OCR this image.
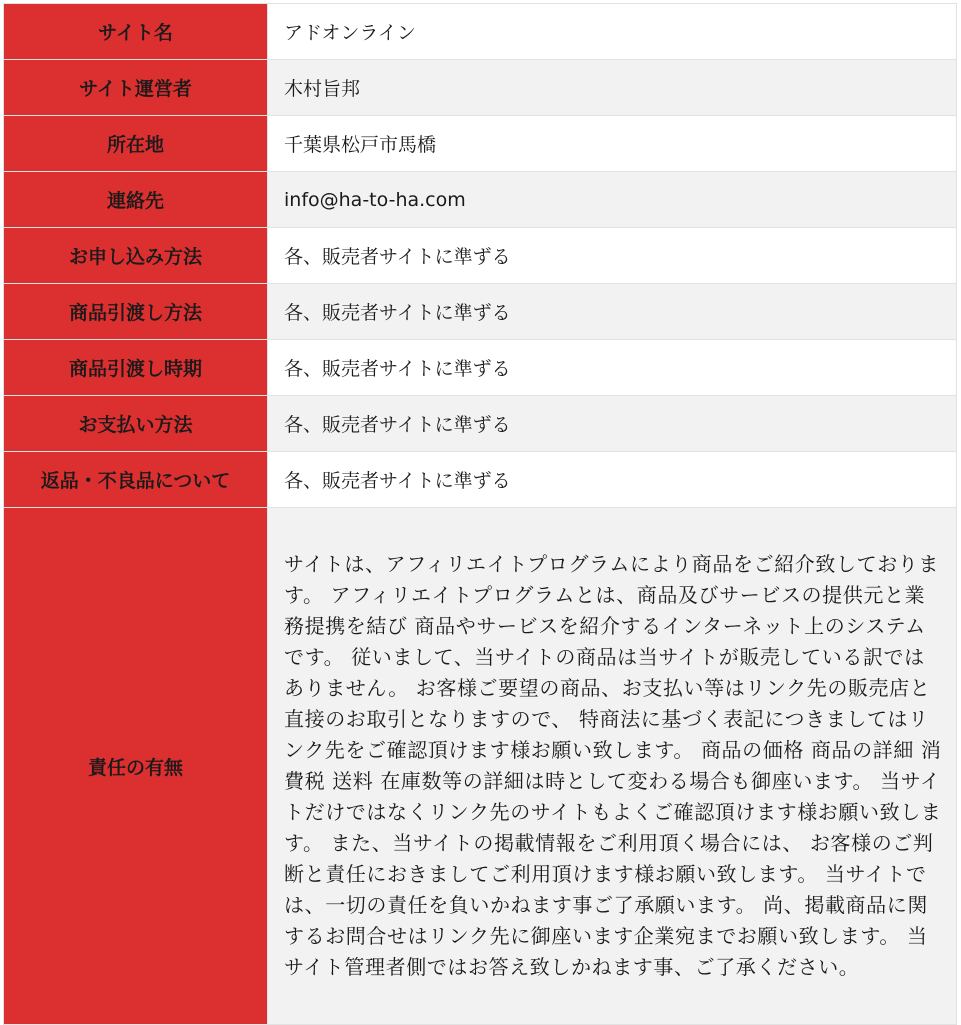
サイト名	アドオンライン
サイト運営者	木村旨邦
所在地	千葉県松戸市馬橋
連絡先	info@ha-to-ha.com
お申し込み方法	各、販売者サイトに準ずる
商品引渡し方法	各、販売者サイトに準ずる
商品引渡し時期	各、販売者サイトに準ずる
お支払い方法	各、販売者サイトに準ずる
返品・不良品について	各、販売者サイトに準ずる
責任の有無	サイトは、アフィリエイトプログラムにより商品をご紹介致しております。 アフィリエイトプログラムとは、商品及びサービスの提供元と業務提携を結び 商品やサービスを紹介するインターネット上のシステムです。 従いまして、当サイトの商品は当サイトが販売している訳ではありません。 お客様ご要望の商品、お支払い等はリンク先の販売店と直接のお取引となりますので、 特商法に基づく表記につきましてはリンク先をご確認頂けます様お願い致します。 商品の価格 商品の詳細 消費税 送料 在庫数等の詳細は時として変わる場合も御座います。 当サイトだけではなくリンク先のサイトもよくご確認頂けます様お願い致します。 また、当サイトの掲載情報をご利用頂く場合には、 お客様のご判断と責任におきましてご利用頂けます様お願い致します。 当サイトでは、一切の責任を負いかねます事ご了承願います。 尚、掲載商品に関するお問合せはリンク先に御座います企業宛までお願い致します。 当サイト管理者側ではお答え致しかねます事、ご了承ください。
